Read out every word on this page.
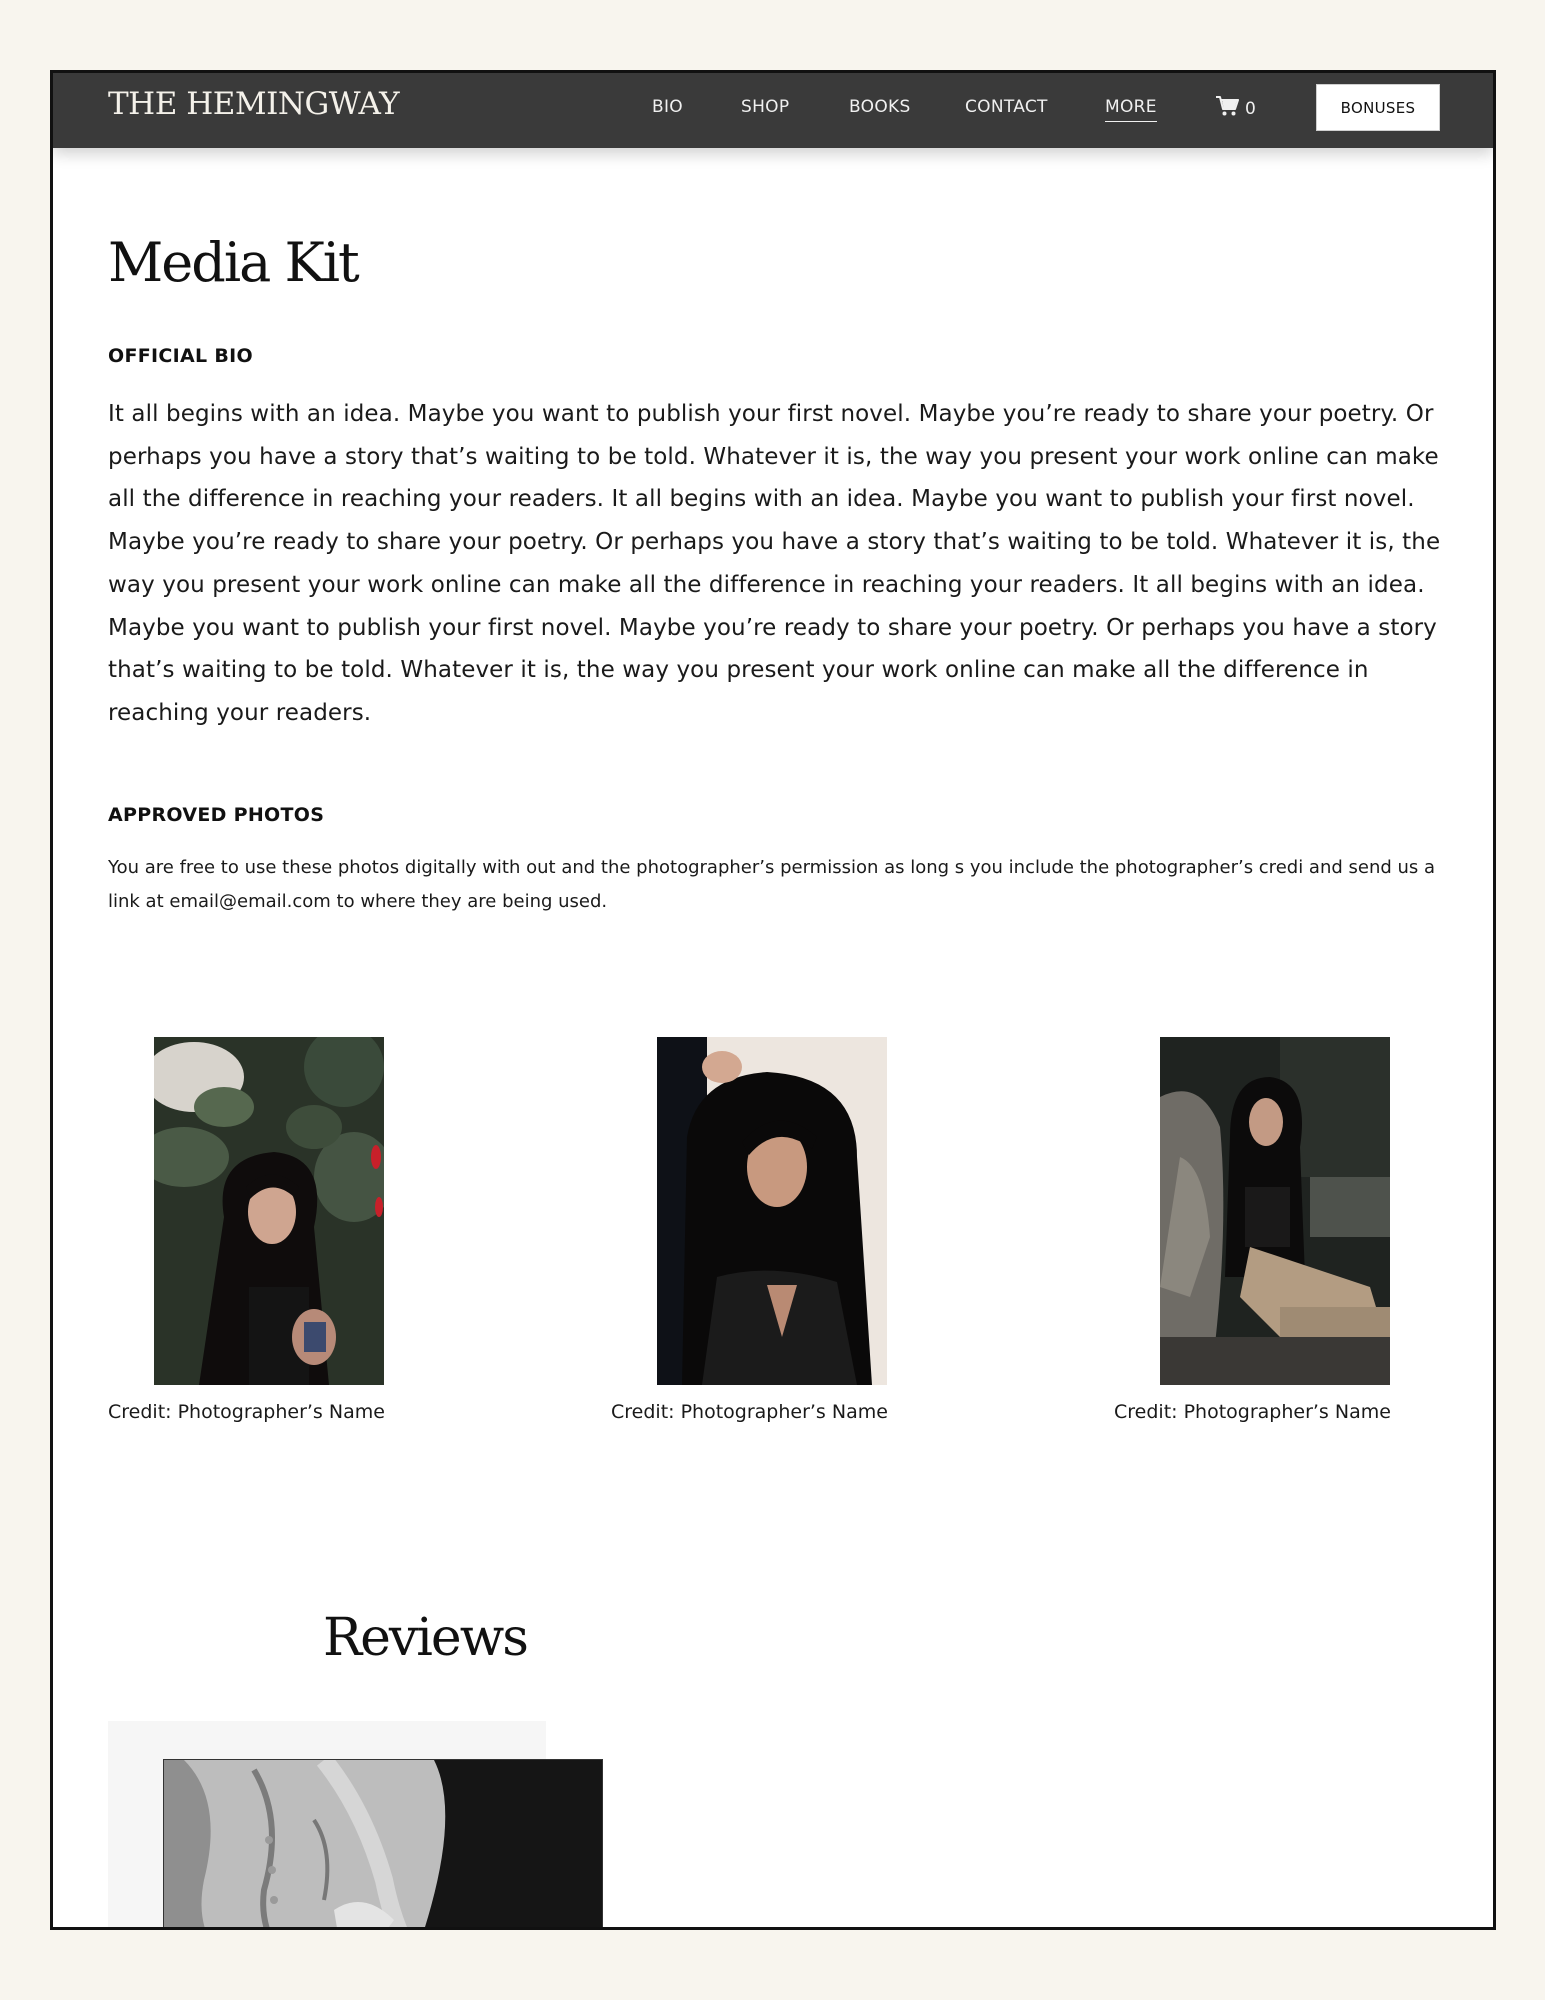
THE HEMINGWAY	BIO	SHOP	BOOKS	CONTACT	MORE	0	BONUSES
Media Kit
OFFICIAL BIO

It all begins with an idea. Maybe you want to publish your first novel. Maybe you’re ready to share your poetry. Or perhaps you have a story that’s waiting to be told. Whatever it is, the way you present your work online can make all the difference in reaching your readers. It all begins with an idea. Maybe you want to publish your first novel. Maybe you’re ready to share your poetry. Or perhaps you have a story that’s waiting to be told. Whatever it is, the way you present your work online can make all the difference in reaching your readers. It all begins with an idea. Maybe you want to publish your first novel. Maybe you’re ready to share your poetry. Or perhaps you have a story that’s waiting to be told. Whatever it is, the way you present your work online can make all the difference in reaching your readers.

APPROVED PHOTOS

You are free to use these photos digitally with out and the photographer’s permission as long s you include the photographer’s credi and send us a link at email@email.com to where they are being used.

Credit: Photographer’s Name	Credit: Photographer’s Name	Credit: Photographer’s Name
Reviews
